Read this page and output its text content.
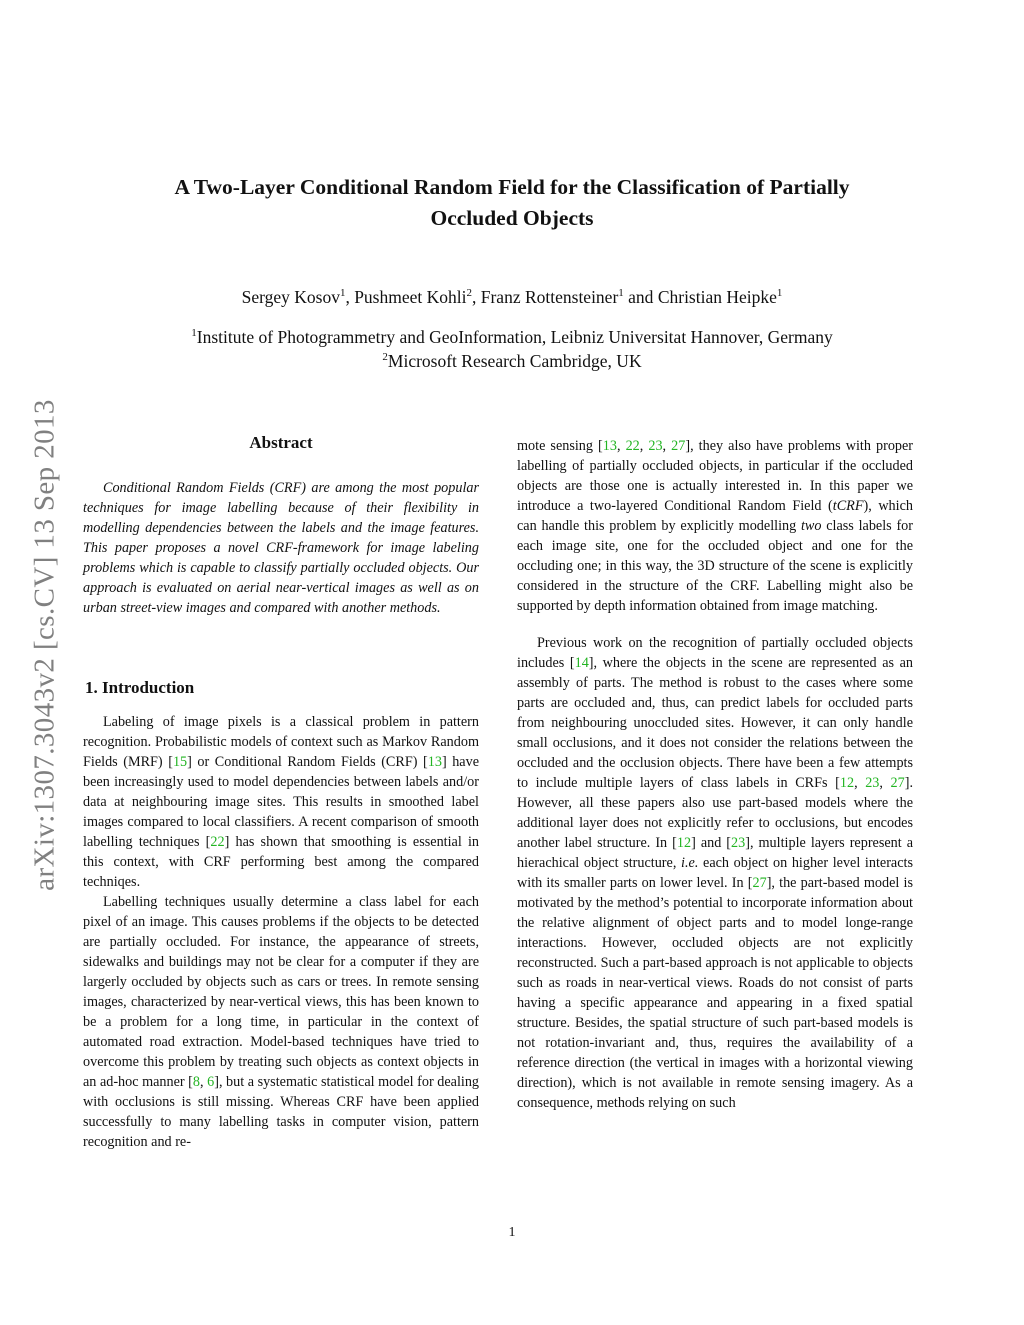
arXiv:1307.3043v2 [cs.CV] 13 Sep 2013
A Two-Layer Conditional Random Field for the Classification of Partially
Occluded Objects
Sergey Kosov$^1$, Pushmeet Kohli$^2$, Franz Rottensteiner$^1$ and Christian Heipke$^1$
$^1$Institute of Photogrammetry and GeoInformation, Leibniz Universitat Hannover, Germany
$^2$Microsoft Research Cambridge, UK
Abstract

Conditional Random Fields (CRF) are among the most popular techniques for image labelling because of their flexibility in modelling dependencies between the labels and the image features. This paper proposes a novel CRF-framework for image labeling problems which is capable to classify partially occluded objects. Our approach is evaluated on aerial near-vertical images as well as on urban street-view images and compared with another methods.

1. Introduction

Labeling of image pixels is a classical problem in pattern recognition. Probabilistic models of context such as Markov Random Fields (MRF) [15] or Conditional Random Fields (CRF) [13] have been increasingly used to model dependencies between labels and/or data at neighbouring image sites. This results in smoothed label images compared to local classifiers. A recent comparison of smooth labelling techniques [22] has shown that smoothing is essential in this context, with CRF performing best among the compared techniqes.

Labelling techniques usually determine a class label for each pixel of an image. This causes problems if the objects to be detected are partially occluded. For instance, the appearance of streets, sidewalks and buildings may not be clear for a computer if they are largerly occluded by objects such as cars or trees. In remote sensing images, characterized by near-vertical views, this has been known to be a problem for a long time, in particular in the context of automated road extraction. Model-based techniques have tried to overcome this problem by treating such objects as context objects in an ad-hoc manner [8, 6], but a systematic statistical model for dealing with occlusions is still missing. Whereas CRF have been applied successfully to many labelling tasks in computer vision, pattern recognition and re-

mote sensing [13, 22, 23, 27], they also have problems with proper labelling of partially occluded objects, in particular if the occluded objects are those one is actually interested in. In this paper we introduce a two-layered Conditional Random Field (tCRF), which can handle this problem by explicitly modelling two class labels for each image site, one for the occluded object and one for the occluding one; in this way, the 3D structure of the scene is explicitly considered in the structure of the CRF. Labelling might also be supported by depth information obtained from image matching.

Previous work on the recognition of partially occluded objects includes [14], where the objects in the scene are represented as an assembly of parts. The method is robust to the cases where some parts are occluded and, thus, can predict labels for occluded parts from neighbouring unoccluded sites. However, it can only handle small occlusions, and it does not consider the relations between the occluded and the occlusion objects. There have been a few attempts to include multiple layers of class labels in CRFs [12, 23, 27]. However, all these papers also use part-based models where the additional layer does not explicitly refer to occlusions, but encodes another label structure. In [12] and [23], multiple layers represent a hierachical object structure, i.e. each object on higher level interacts with its smaller parts on lower level. In [27], the part-based model is motivated by the method’s potential to incorporate information about the relative alignment of object parts and to model longe-range interactions. However, occluded objects are not explicitly reconstructed. Such a part-based approach is not applicable to objects such as roads in near-vertical views. Roads do not consist of parts having a specific appearance and appearing in a fixed spatial structure. Besides, the spatial structure of such part-based models is not rotation-invariant and, thus, requires the availability of a reference direction (the vertical in images with a horizontal viewing direction), which is not available in remote sensing imagery. As a consequence, methods relying on such

1
